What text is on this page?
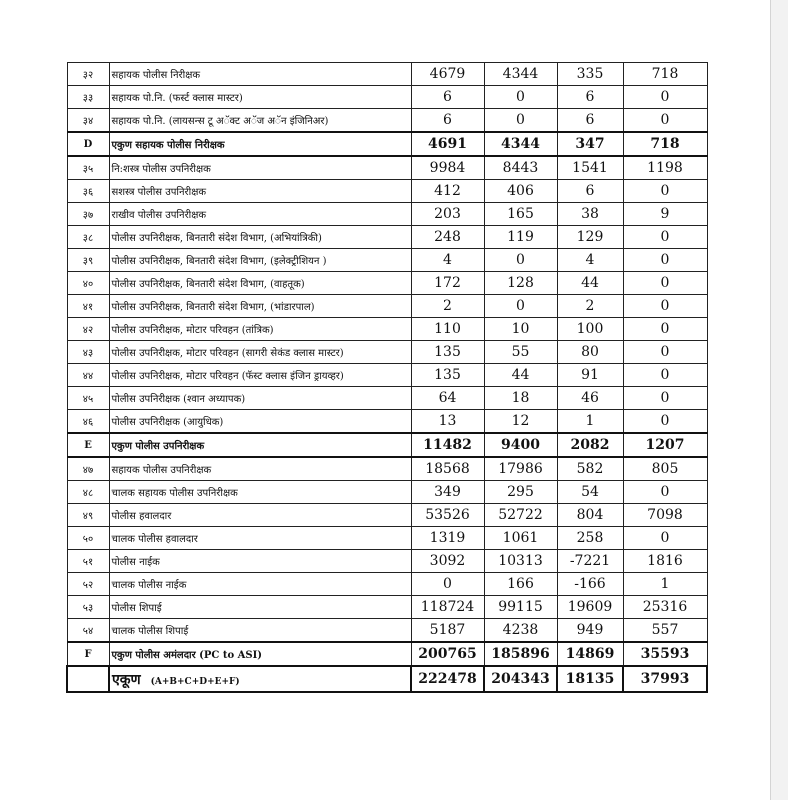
३२	सहायक पोलीस निरीक्षक	4679	4344	335	718
३३	सहायक पो.नि. (फर्स्ट क्लास मास्टर)	6	0	6	0
३४	सहायक पो.नि. (लायसन्स टू अॅक्ट अॅज अॅन इंजिनिअर)	6	0	6	0
D	एकुण सहायक पोलीस निरीक्षक	4691	4344	347	718
३५	नि:शस्त्र पोलीस उपनिरीक्षक	9984	8443	1541	1198
३६	सशस्त्र पोलीस उपनिरीक्षक	412	406	6	0
३७	राखीव पोलीस उपनिरीक्षक	203	165	38	9
३८	पोलीस उपनिरीक्षक, बिनतारी संदेश विभाग, (अभियांत्रिकी)	248	119	129	0
३९	पोलीस उपनिरीक्षक, बिनतारी संदेश विभाग, (इलेक्ट्रीशियन )	4	0	4	0
४०	पोलीस उपनिरीक्षक, बिनतारी संदेश विभाग, (वाहतूक)	172	128	44	0
४१	पोलीस उपनिरीक्षक, बिनतारी संदेश विभाग, (भांडारपाल)	2	0	2	0
४२	पोलीस उपनिरीक्षक, मोटार परिवहन (तांत्रिक)	110	10	100	0
४३	पोलीस उपनिरीक्षक, मोटार परिवहन (सागरी सेकंड क्लास मास्टर)	135	55	80	0
४४	पोलीस उपनिरीक्षक, मोटार परिवहन (फॅस्ट क्लास इंजिन ड्रायव्हर)	135	44	91	0
४५	पोलीस उपनिरीक्षक (श्वान अध्यापक)	64	18	46	0
४६	पोलीस उपनिरीक्षक (आयुधिक)	13	12	1	0
E	एकुण पोलीस उपनिरीक्षक	11482	9400	2082	1207
४७	सहायक पोलीस उपनिरीक्षक	18568	17986	582	805
४८	चालक सहायक पोलीस उपनिरीक्षक	349	295	54	0
४९	पोलीस हवालदार	53526	52722	804	7098
५०	चालक पोलीस हवालदार	1319	1061	258	0
५१	पोलीस नाईक	3092	10313	-7221	1816
५२	चालक पोलीस नाईक	0	166	-166	1
५३	पोलीस शिपाई	118724	99115	19609	25316
५४	चालक पोलीस शिपाई	5187	4238	949	557
F	एकुण पोलीस अमंलदार (PC to ASI)	200765	185896	14869	35593
	एकूण (A+B+C+D+E+F)	222478	204343	18135	37993
